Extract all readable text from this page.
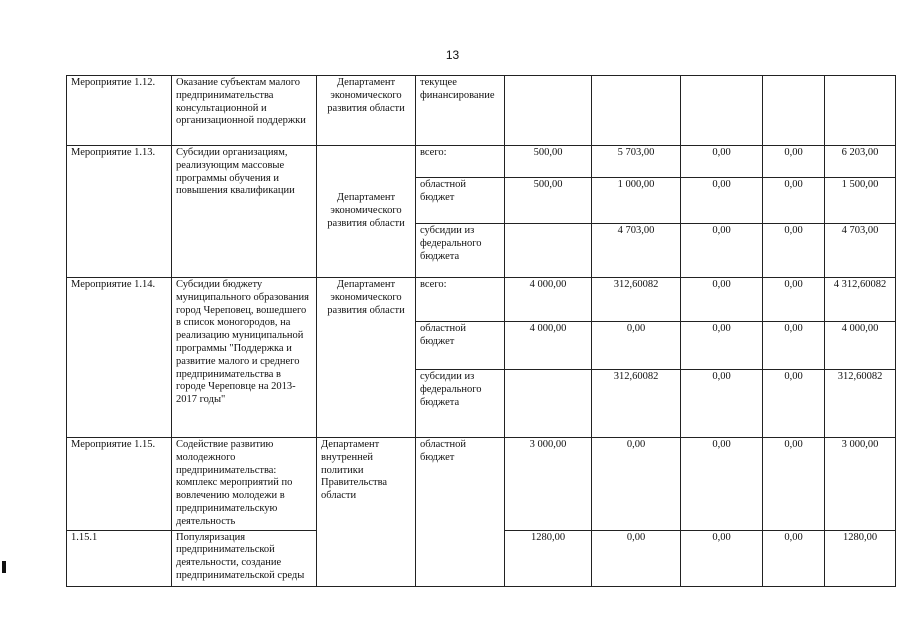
13
Мероприятие 1.12.	Оказание субъектам малого предпринимательства консультационной и организационной поддержки	Департамент экономического развития области	текущее финансирование					
Мероприятие 1.13.	Субсидии организациям, реализующим массовые программы обучения и повышения квалификации	Департамент экономического развития области	всего:	500,00	5 703,00	0,00	0,00	6 203,00
			областной бюджет	500,00	1 000,00	0,00	0,00	1 500,00
			субсидии из федерального бюджета		4 703,00	0,00	0,00	4 703,00
Мероприятие 1.14.	Субсидии бюджету муниципального образования город Череповец, вошедшего в список моногородов, на реализацию муниципальной программы "Поддержка и развитие малого и среднего предпринимательства в городе Череповце на 2013-2017 годы"	Департамент экономического развития области	всего:	4 000,00	312,60082	0,00	0,00	4 312,60082
			областной бюджет	4 000,00	0,00	0,00	0,00	4 000,00
			субсидии из федерального бюджета		312,60082	0,00	0,00	312,60082
Мероприятие 1.15.	Содействие развитию молодежного предпринимательства: комплекс мероприятий по вовлечению молодежи в предпринимательскую деятельность	Департамент внутренней политики Правительства области	областной бюджет	3 000,00	0,00	0,00	0,00	3 000,00
1.15.1	Популяризация предпринимательской деятельности, создание предпринимательской среды			1280,00	0,00	0,00	0,00	1280,00
